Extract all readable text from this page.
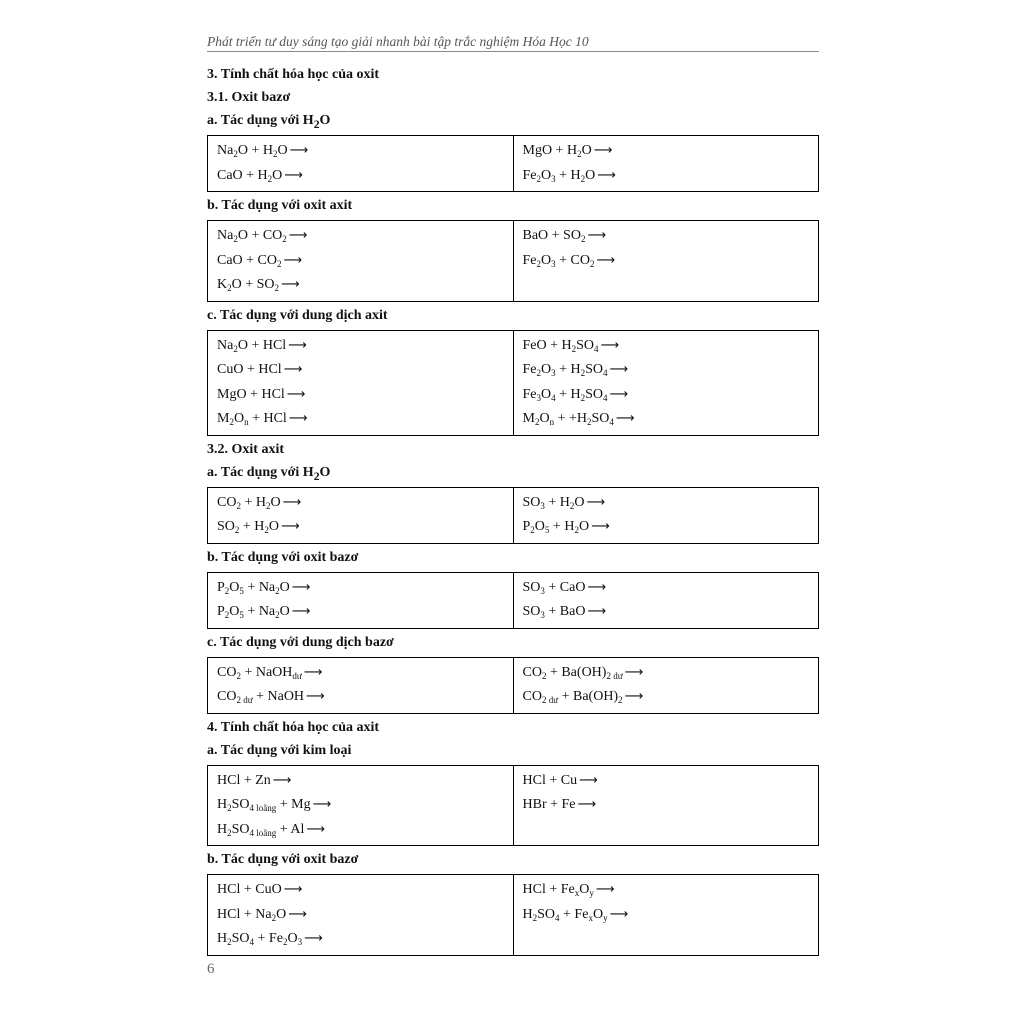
Phát triển tư duy sáng tạo giải nhanh bài tập trắc nghiệm Hóa Học 10
3. Tính chất hóa học của oxit
3.1. Oxit bazơ
a. Tác dụng với $H_2O$
$Na_2O + H_2O$ ⟶
CaO + $H_2O$ ⟶
MgO + $H_2O$ ⟶
$Fe_2O_3 + H_2O$ ⟶
b. Tác dụng với oxit axit
$Na_2O + CO_2$ ⟶
CaO + $CO_2$ ⟶
$K_2O + SO_2$ ⟶
BaO + $SO_2$ ⟶
$Fe_2O_3 + CO_2$ ⟶
c. Tác dụng với dung dịch axit
$Na_2O$ + HCl ⟶
CuO + HCl ⟶
MgO + HCl ⟶
$M_2O_n$ + HCl ⟶
FeO + $H_2SO_4$ ⟶
$Fe_2O_3 + H_2SO_4$ ⟶
$Fe_3O_4 + H_2SO_4$ ⟶
$M_2O_n + +H_2SO_4$ ⟶
3.2. Oxit axit
a. Tác dụng với $H_2O$
$CO_2 + H_2O$ ⟶
$SO_2 + H_2O$ ⟶
$SO_3 + H_2O$ ⟶
$P_2O_5 + H_2O$ ⟶
b. Tác dụng với oxit bazơ
$P_2O_5 + Na_2O$ ⟶
$P_2O_5 + Na_2O$ ⟶
$SO_3$ + CaO ⟶
$SO_3$ + BaO ⟶
c. Tác dụng với dung dịch bazơ
$CO_2$ + NaOH$_{dư}$ ⟶
$CO_{2 dư}$ + NaOH ⟶
$CO_2 + Ba(OH)_{2 dư}$ ⟶
$CO_{2 dư} + Ba(OH)_2$ ⟶
4. Tính chất hóa học của axit
a. Tác dụng với kim loại
HCl + Zn ⟶
$H_2SO_{4 loãng} + Mg$ ⟶
$H_2SO_{4 loãng} + Al$ ⟶
HCl + Cu ⟶
HBr + Fe ⟶
b. Tác dụng với oxit bazơ
HCl + CuO ⟶
HCl + $Na_2O$ ⟶
$H_2SO_4 + Fe_2O_3$ ⟶
HCl + $Fe_xO_y$ ⟶
$H_2SO_4 + Fe_xO_y$ ⟶
6
